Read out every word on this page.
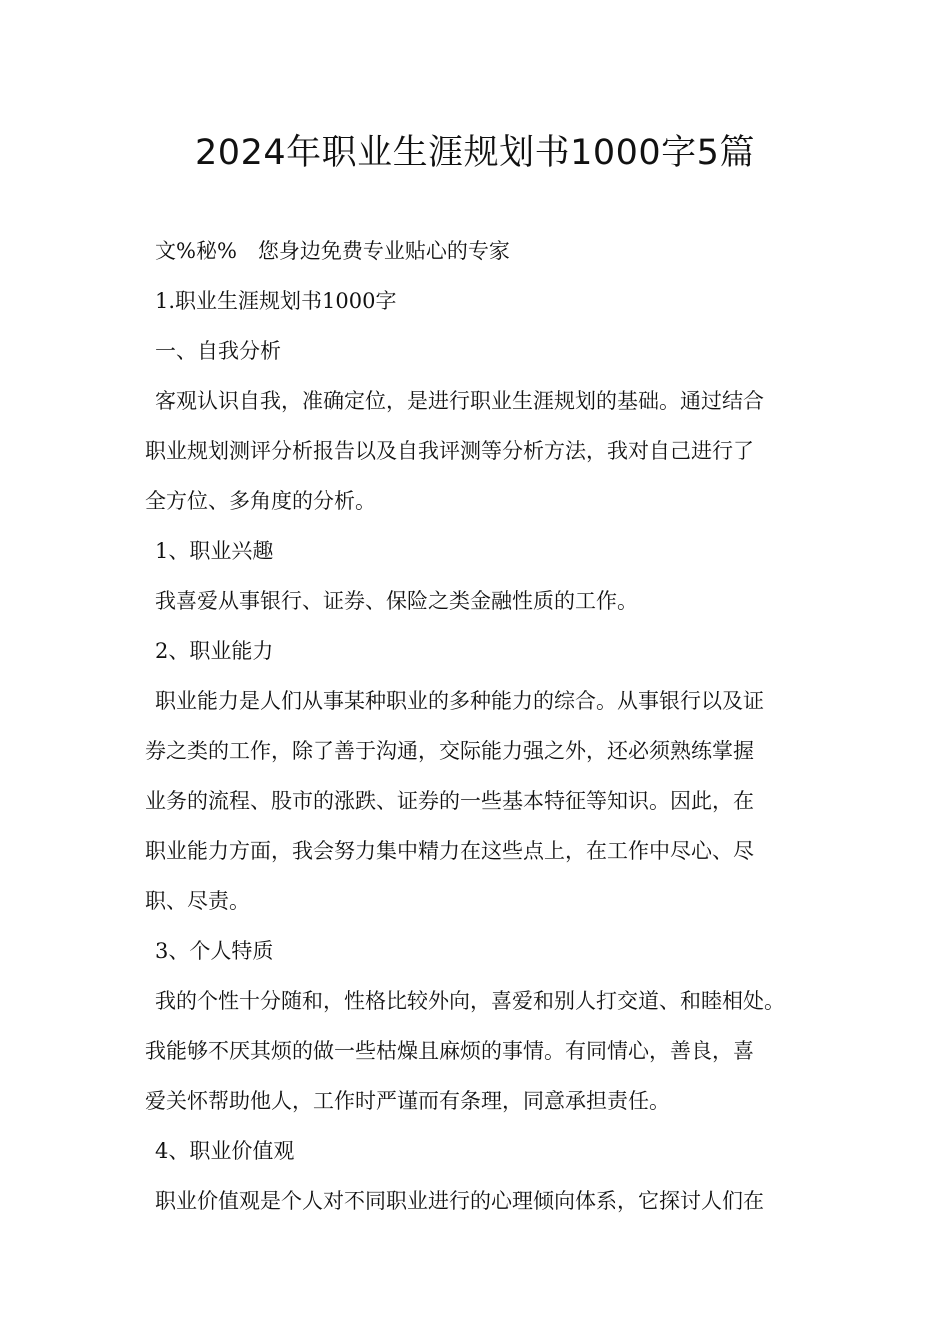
2024年职业生涯规划书1000字5篇
文%秘%　您身边免费专业贴心的专家
1.职业生涯规划书1000字
一、自我分析
客观认识自我，准确定位，是进行职业生涯规划的基础。通过结合
职业规划测评分析报告以及自我评测等分析方法，我对自己进行了
全方位、多角度的分析。
1、职业兴趣
我喜爱从事银行、证券、保险之类金融性质的工作。
2、职业能力
职业能力是人们从事某种职业的多种能力的综合。从事银行以及证
券之类的工作，除了善于沟通，交际能力强之外，还必须熟练掌握
业务的流程、股市的涨跌、证券的一些基本特征等知识。因此，在
职业能力方面，我会努力集中精力在这些点上，在工作中尽心、尽
职、尽责。
3、个人特质
我的个性十分随和，性格比较外向，喜爱和别人打交道、和睦相处。
我能够不厌其烦的做一些枯燥且麻烦的事情。有同情心，善良，喜
爱关怀帮助他人，工作时严谨而有条理，同意承担责任。
4、职业价值观
职业价值观是个人对不同职业进行的心理倾向体系，它探讨人们在
